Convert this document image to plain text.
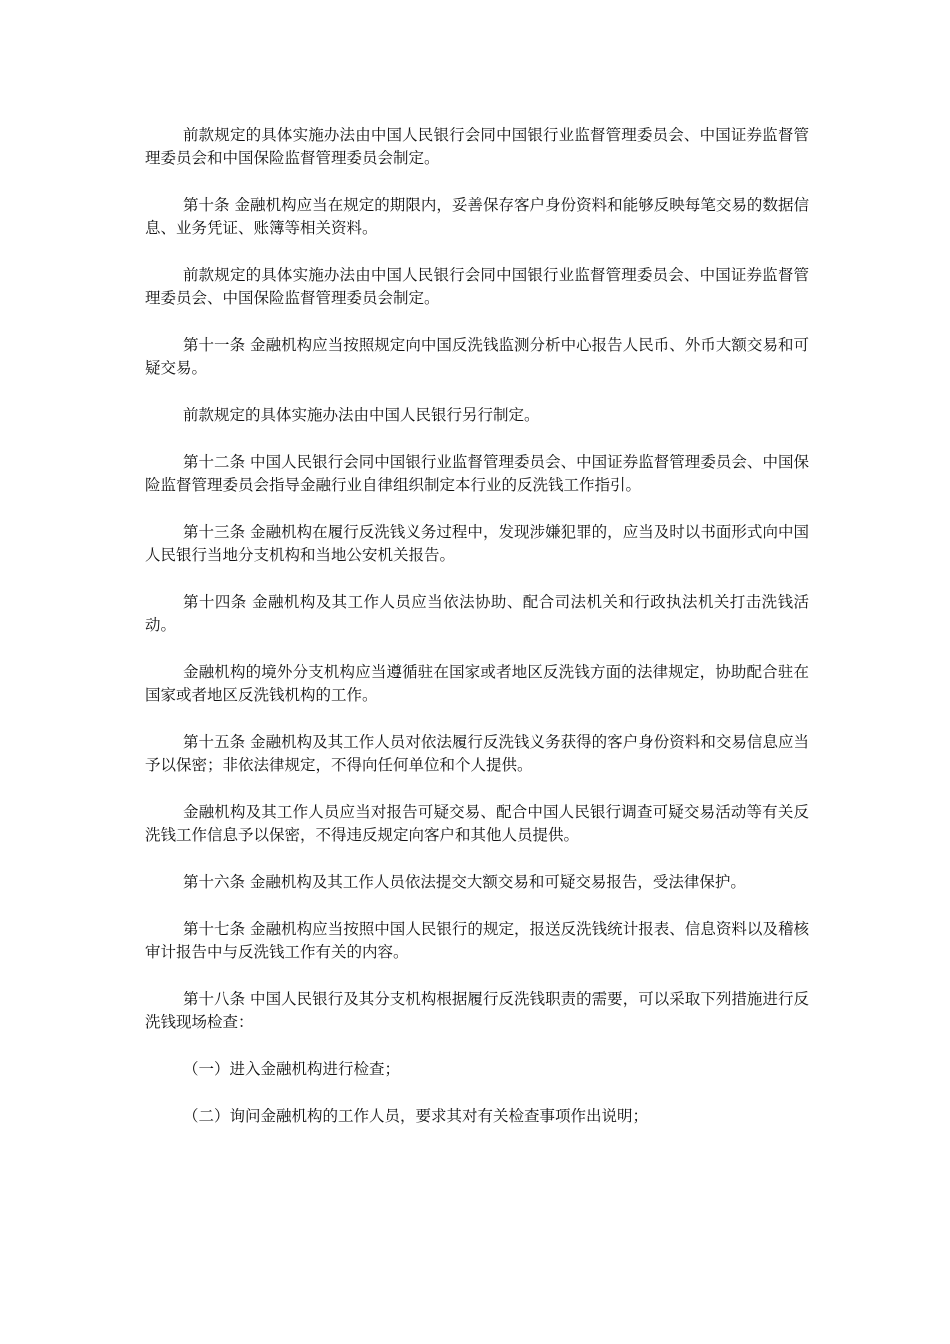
前款规定的具体实施办法由中国人民银行会同中国银行业监督管理委员会、中国证券监督管理委员会和中国保险监督管理委员会制定。

第十条 金融机构应当在规定的期限内，妥善保存客户身份资料和能够反映每笔交易的数据信息、业务凭证、账簿等相关资料。

前款规定的具体实施办法由中国人民银行会同中国银行业监督管理委员会、中国证券监督管理委员会、中国保险监督管理委员会制定。

第十一条 金融机构应当按照规定向中国反洗钱监测分析中心报告人民币、外币大额交易和可疑交易。

前款规定的具体实施办法由中国人民银行另行制定。

第十二条 中国人民银行会同中国银行业监督管理委员会、中国证券监督管理委员会、中国保险监督管理委员会指导金融行业自律组织制定本行业的反洗钱工作指引。

第十三条 金融机构在履行反洗钱义务过程中，发现涉嫌犯罪的，应当及时以书面形式向中国人民银行当地分支机构和当地公安机关报告。

第十四条 金融机构及其工作人员应当依法协助、配合司法机关和行政执法机关打击洗钱活动。

金融机构的境外分支机构应当遵循驻在国家或者地区反洗钱方面的法律规定，协助配合驻在国家或者地区反洗钱机构的工作。

第十五条 金融机构及其工作人员对依法履行反洗钱义务获得的客户身份资料和交易信息应当予以保密；非依法律规定，不得向任何单位和个人提供。

金融机构及其工作人员应当对报告可疑交易、配合中国人民银行调查可疑交易活动等有关反洗钱工作信息予以保密，不得违反规定向客户和其他人员提供。

第十六条 金融机构及其工作人员依法提交大额交易和可疑交易报告，受法律保护。

第十七条 金融机构应当按照中国人民银行的规定，报送反洗钱统计报表、信息资料以及稽核审计报告中与反洗钱工作有关的内容。

第十八条 中国人民银行及其分支机构根据履行反洗钱职责的需要，可以采取下列措施进行反洗钱现场检查：

（一）进入金融机构进行检查；

（二）询问金融机构的工作人员，要求其对有关检查事项作出说明；
